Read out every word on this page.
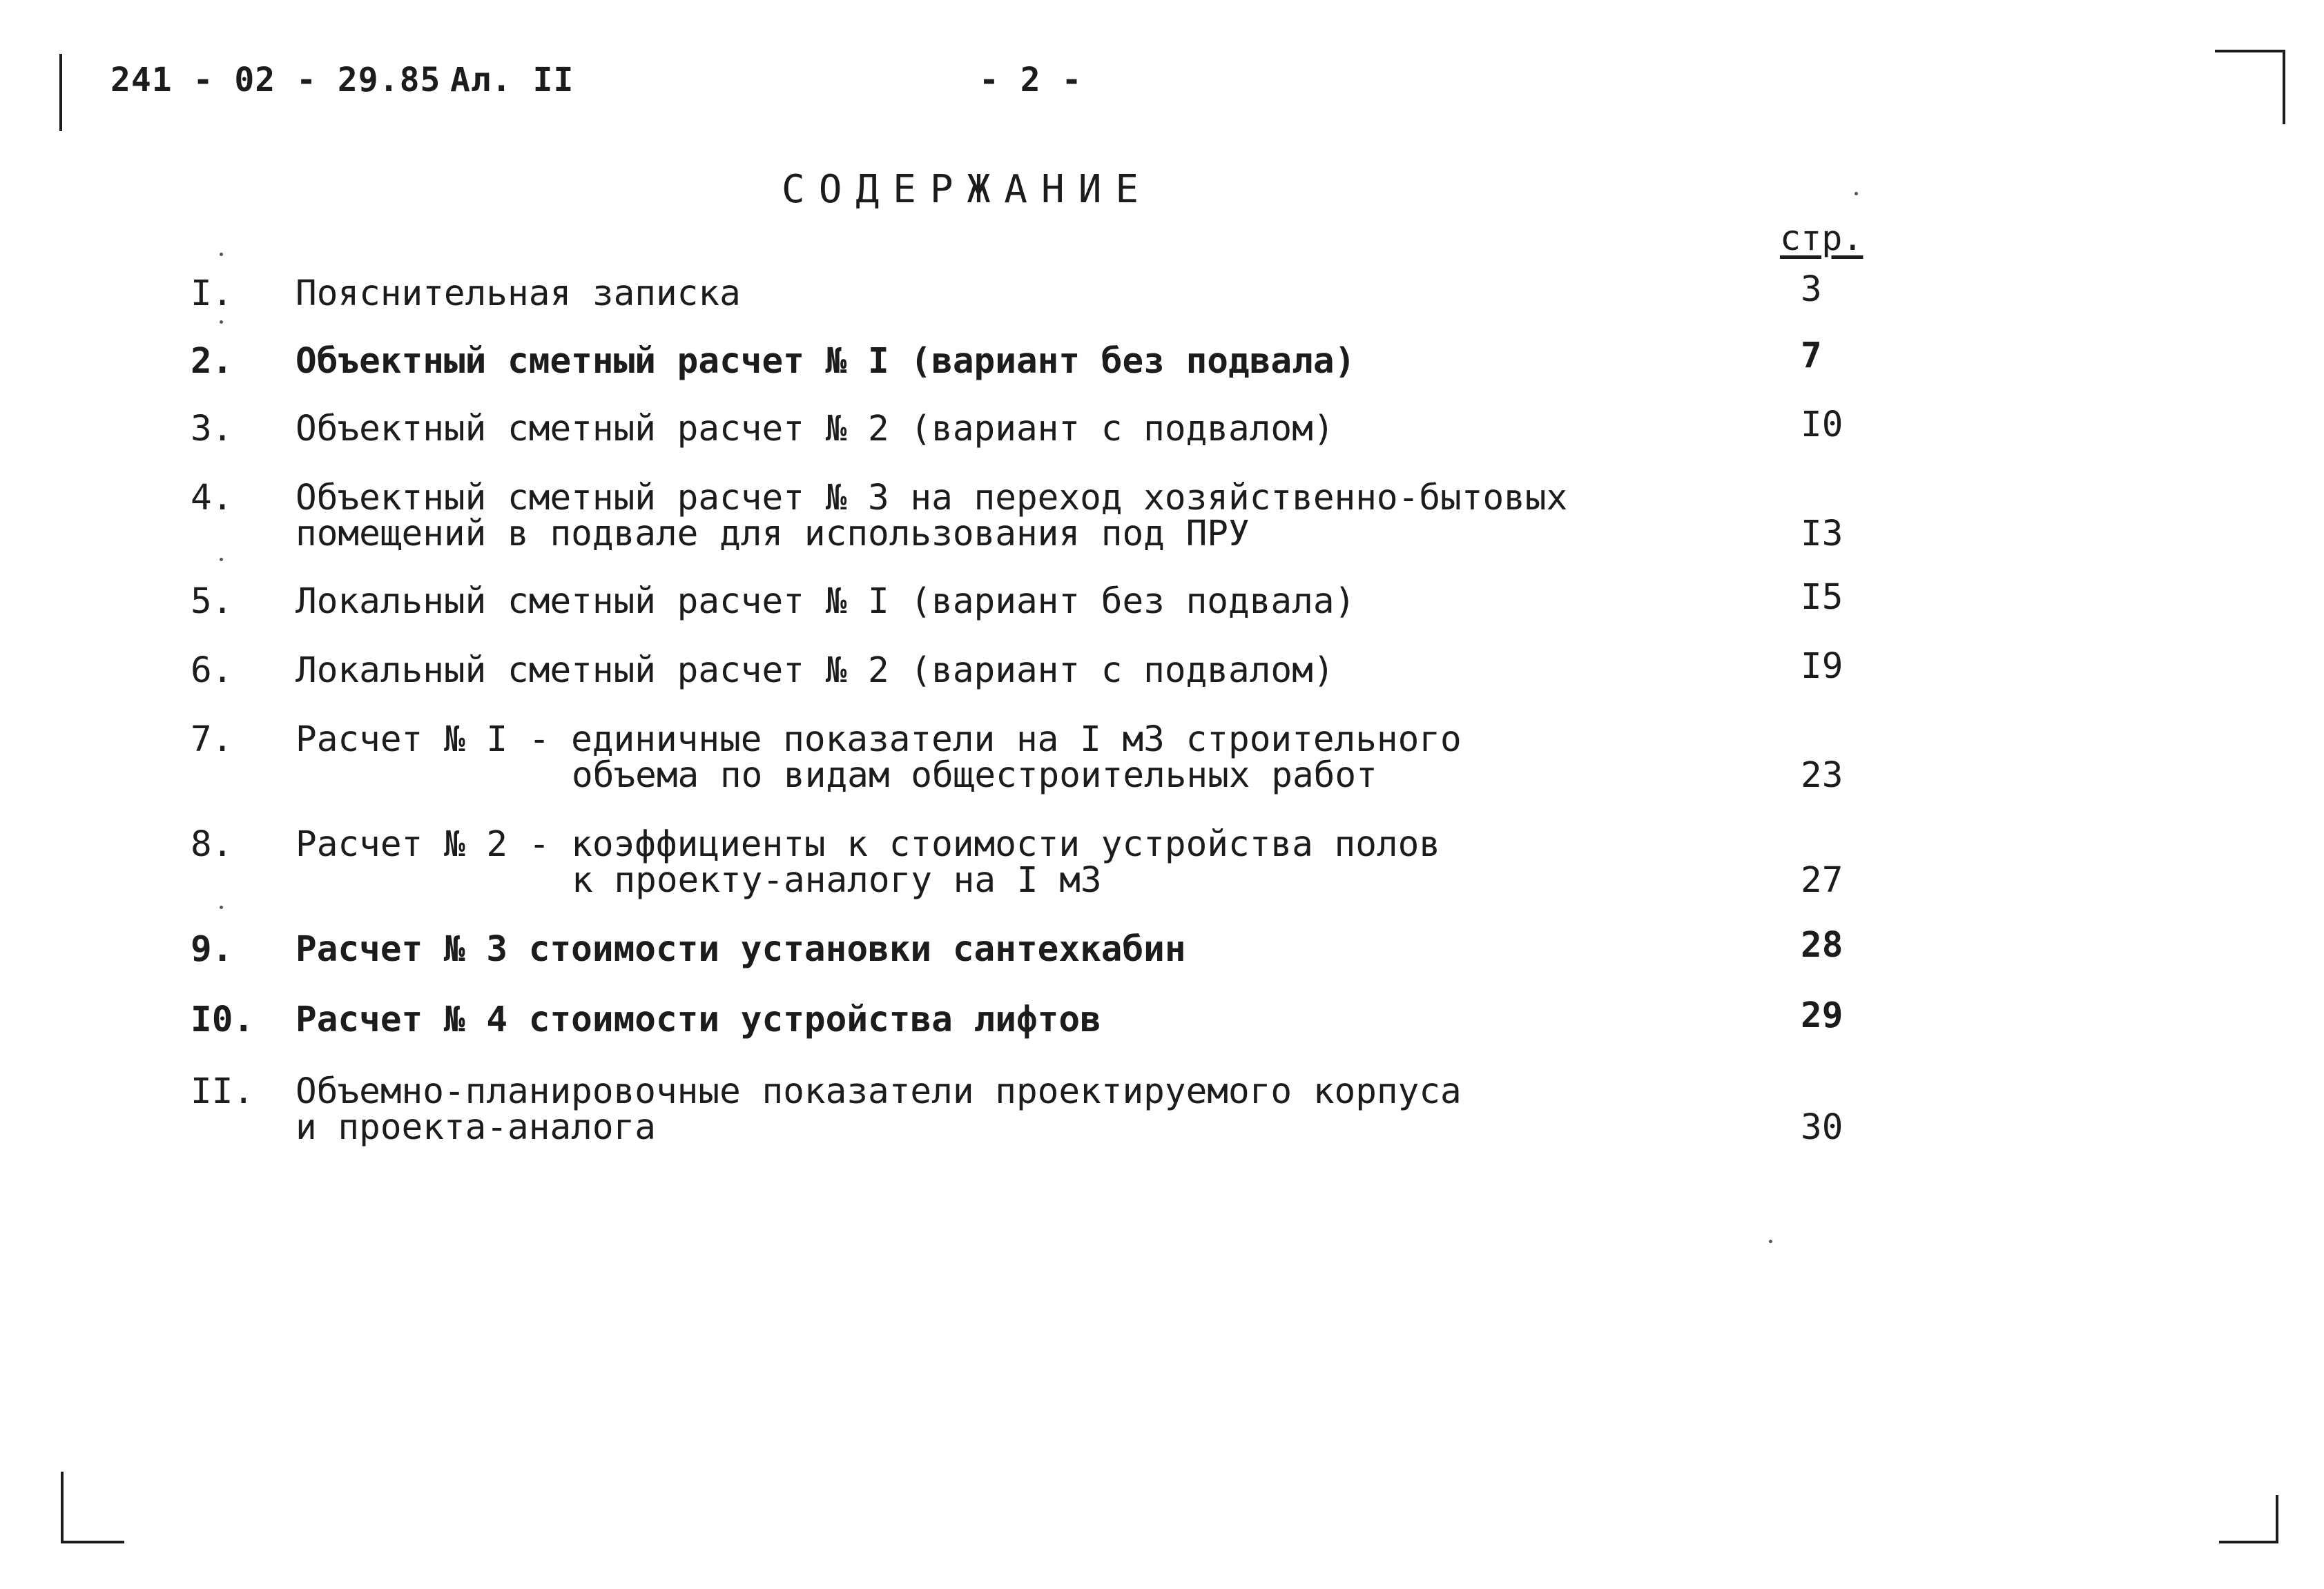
241 - 02 - 29.85 Ал. II	- 2 -
СОДЕРЖАНИЕ
стр.
I. Пояснительная записка	3
2. Объектный сметный расчет № I (вариант без подвала)	7
3. Объектный сметный расчет № 2 (вариант с подвалом)	I0
4. Объектный сметный расчет № 3 на переход хозяйственно-бытовых
помещений в подвале для использования под ПРУ	I3
5. Локальный сметный расчет № I (вариант без подвала)	I5
6. Локальный сметный расчет № 2 (вариант с подвалом)	I9
7. Расчет № I - единичные показатели на I м3 строительного
объема по видам общестроительных работ	23
8. Расчет № 2 - коэффициенты к стоимости устройства полов
к проекту-аналогу на I м3	27
9. Расчет № 3 стоимости установки сантехкабин	28
I0. Расчет № 4 стоимости устройства лифтов	29
II. Объемно-планировочные показатели проектируемого корпуса
и проекта-аналога	30
